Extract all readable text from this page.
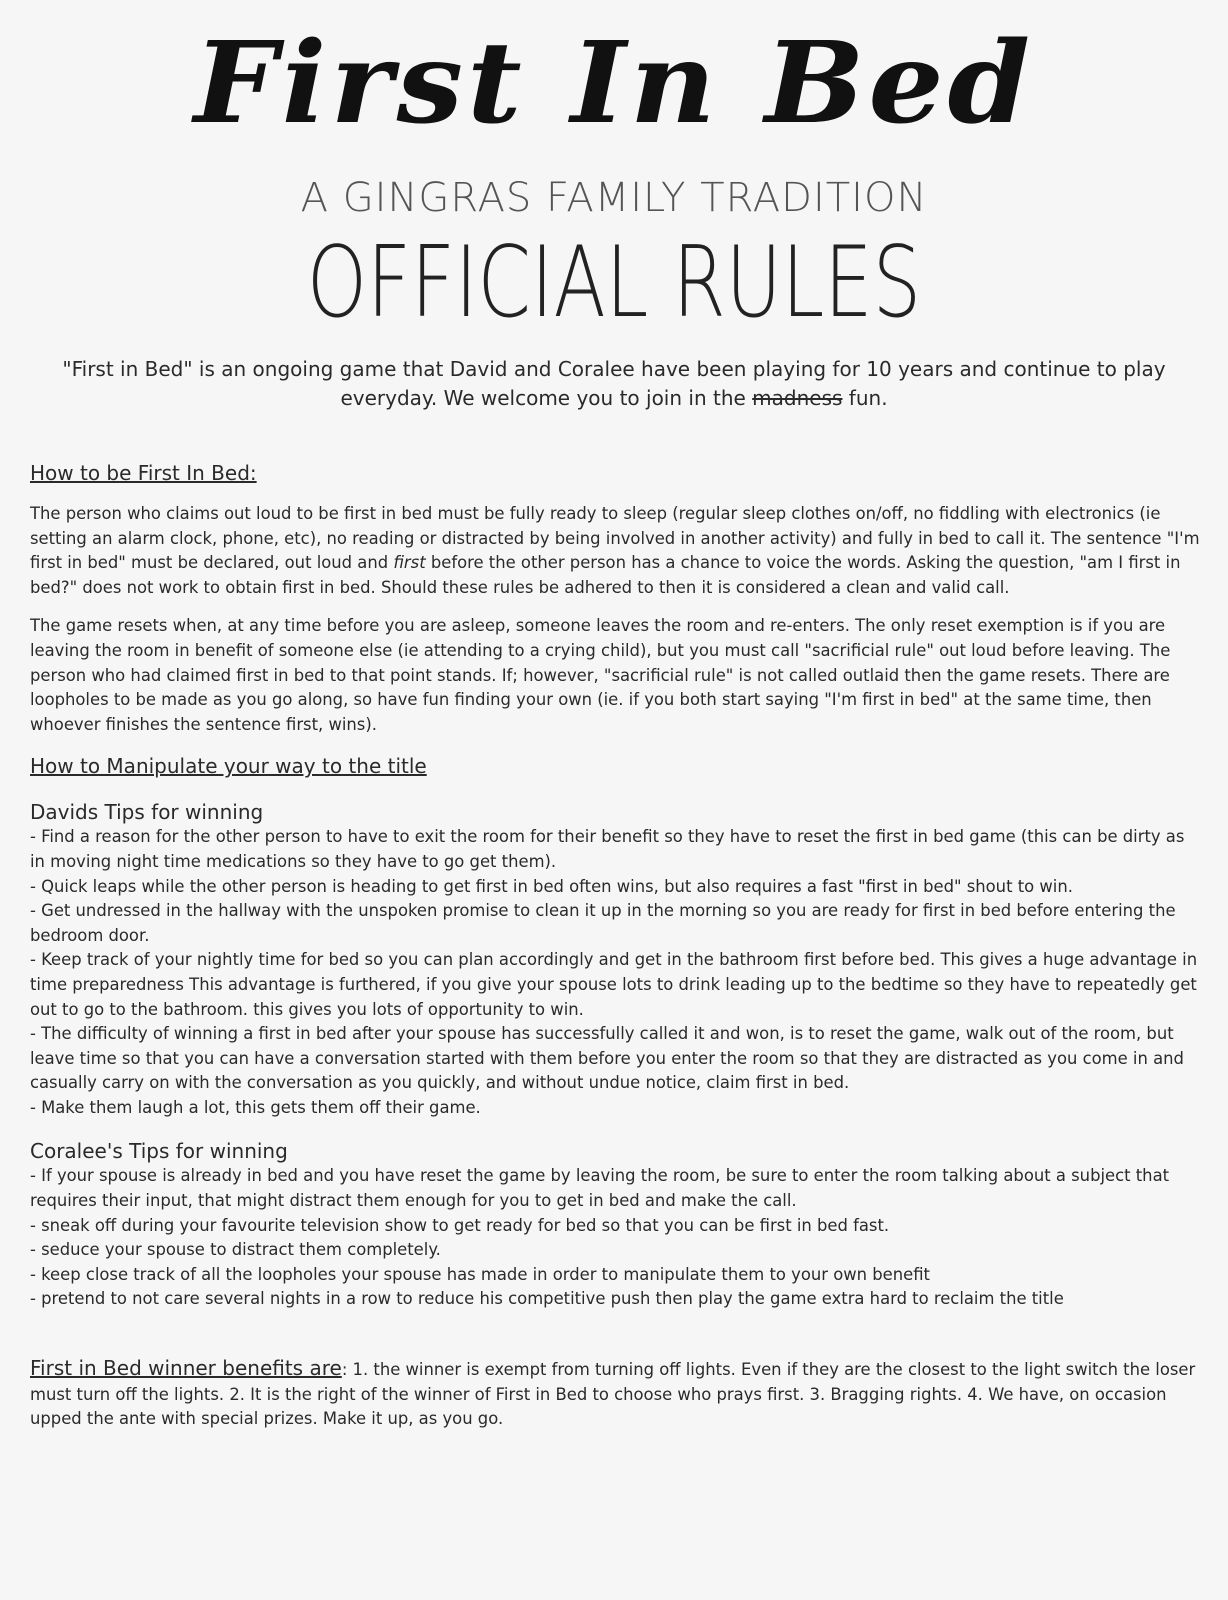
First In Bed
A GINGRAS FAMILY TRADITION
OFFICIAL RULES
"First in Bed" is an ongoing game that David and Coralee have been playing for 10 years and continue to play everyday. We welcome you to join in the madness fun.

How to be First In Bed:

The person who claims out loud to be first in bed must be fully ready to sleep (regular sleep clothes on/off, no fiddling with electronics (ie setting an alarm clock, phone, etc), no reading or distracted by being involved in another activity) and fully in bed to call it. The sentence "I'm first in bed" must be declared, out loud and first before the other person has a chance to voice the words. Asking the question, "am I first in bed?" does not work to obtain first in bed. Should these rules be adhered to then it is considered a clean and valid call.

The game resets when, at any time before you are asleep, someone leaves the room and re-enters. The only reset exemption is if you are leaving the room in benefit of someone else (ie attending to a crying child), but you must call "sacrificial rule" out loud before leaving. The person who had claimed first in bed to that point stands. If; however, "sacrificial rule" is not called outlaid then the game resets. There are loopholes to be made as you go along, so have fun finding your own (ie. if you both start saying "I'm first in bed" at the same time, then whoever finishes the sentence first, wins).

How to Manipulate your way to the title

Davids Tips for winning

- Find a reason for the other person to have to exit the room for their benefit so they have to reset the first in bed game (this can be dirty as in moving night time medications so they have to go get them).

- Quick leaps while the other person is heading to get first in bed often wins, but also requires a fast "first in bed" shout to win.

- Get undressed in the hallway with the unspoken promise to clean it up in the morning so you are ready for first in bed before entering the bedroom door.

- Keep track of your nightly time for bed so you can plan accordingly and get in the bathroom first before bed. This gives a huge advantage in time preparedness This advantage is furthered, if you give your spouse lots to drink leading up to the bedtime so they have to repeatedly get out to go to the bathroom. this gives you lots of opportunity to win.

- The difficulty of winning a first in bed after your spouse has successfully called it and won, is to reset the game, walk out of the room, but leave time so that you can have a conversation started with them before you enter the room so that they are distracted as you come in and casually carry on with the conversation as you quickly, and without undue notice, claim first in bed.

- Make them laugh a lot, this gets them off their game.

Coralee's Tips for winning

- If your spouse is already in bed and you have reset the game by leaving the room, be sure to enter the room talking about a subject that requires their input, that might distract them enough for you to get in bed and make the call.

- sneak off during your favourite television show to get ready for bed so that you can be first in bed fast.

- seduce your spouse to distract them completely.

- keep close track of all the loopholes your spouse has made in order to manipulate them to your own benefit

- pretend to not care several nights in a row to reduce his competitive push then play the game extra hard to reclaim the title

First in Bed winner benefits are: 1. the winner is exempt from turning off lights. Even if they are the closest to the light switch the loser must turn off the lights. 2. It is the right of the winner of First in Bed to choose who prays first. 3. Bragging rights. 4. We have, on occasion upped the ante with special prizes. Make it up, as you go.
